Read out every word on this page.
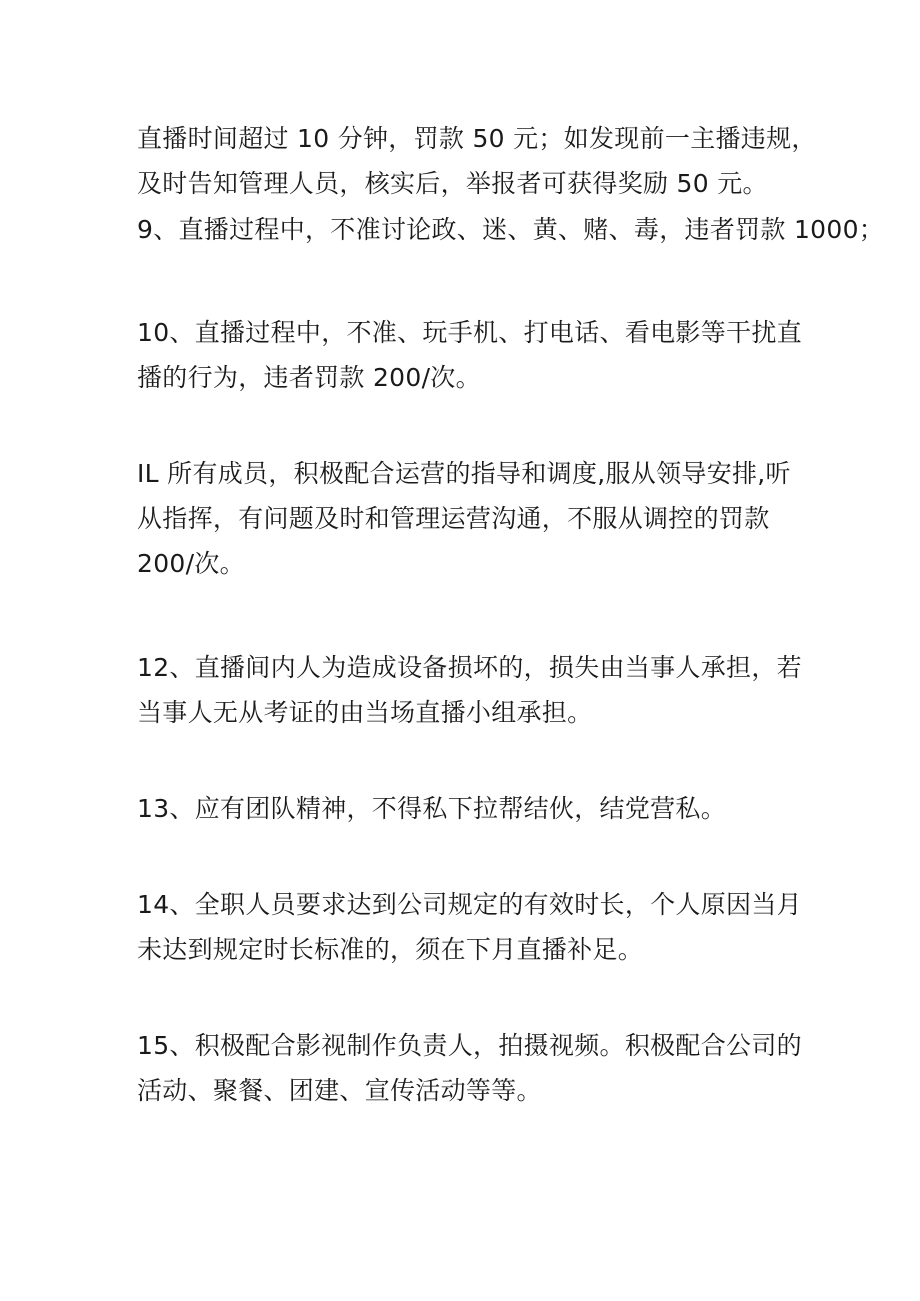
直播时间超过 10 分钟，罚款 50 元；如发现前一主播违规，
及时告知管理人员，核实后，举报者可获得奖励 50 元。

9、直播过程中，不准讨论政、迷、黄、赌、毒，违者罚款 1000；

10、直播过程中，不准、玩手机、打电话、看电影等干扰直
播的行为，违者罚款 200/次。

IL 所有成员，积极配合运营的指导和调度,服从领导安排,听
从指挥，有问题及时和管理运营沟通，不服从调控的罚款
200/次。

12、直播间内人为造成设备损坏的，损失由当事人承担，若
当事人无从考证的由当场直播小组承担。

13、应有团队精神，不得私下拉帮结伙，结党营私。

14、全职人员要求达到公司规定的有效时长，个人原因当月
未达到规定时长标准的，须在下月直播补足。

15、积极配合影视制作负责人，拍摄视频。积极配合公司的
活动、聚餐、团建、宣传活动等等。
